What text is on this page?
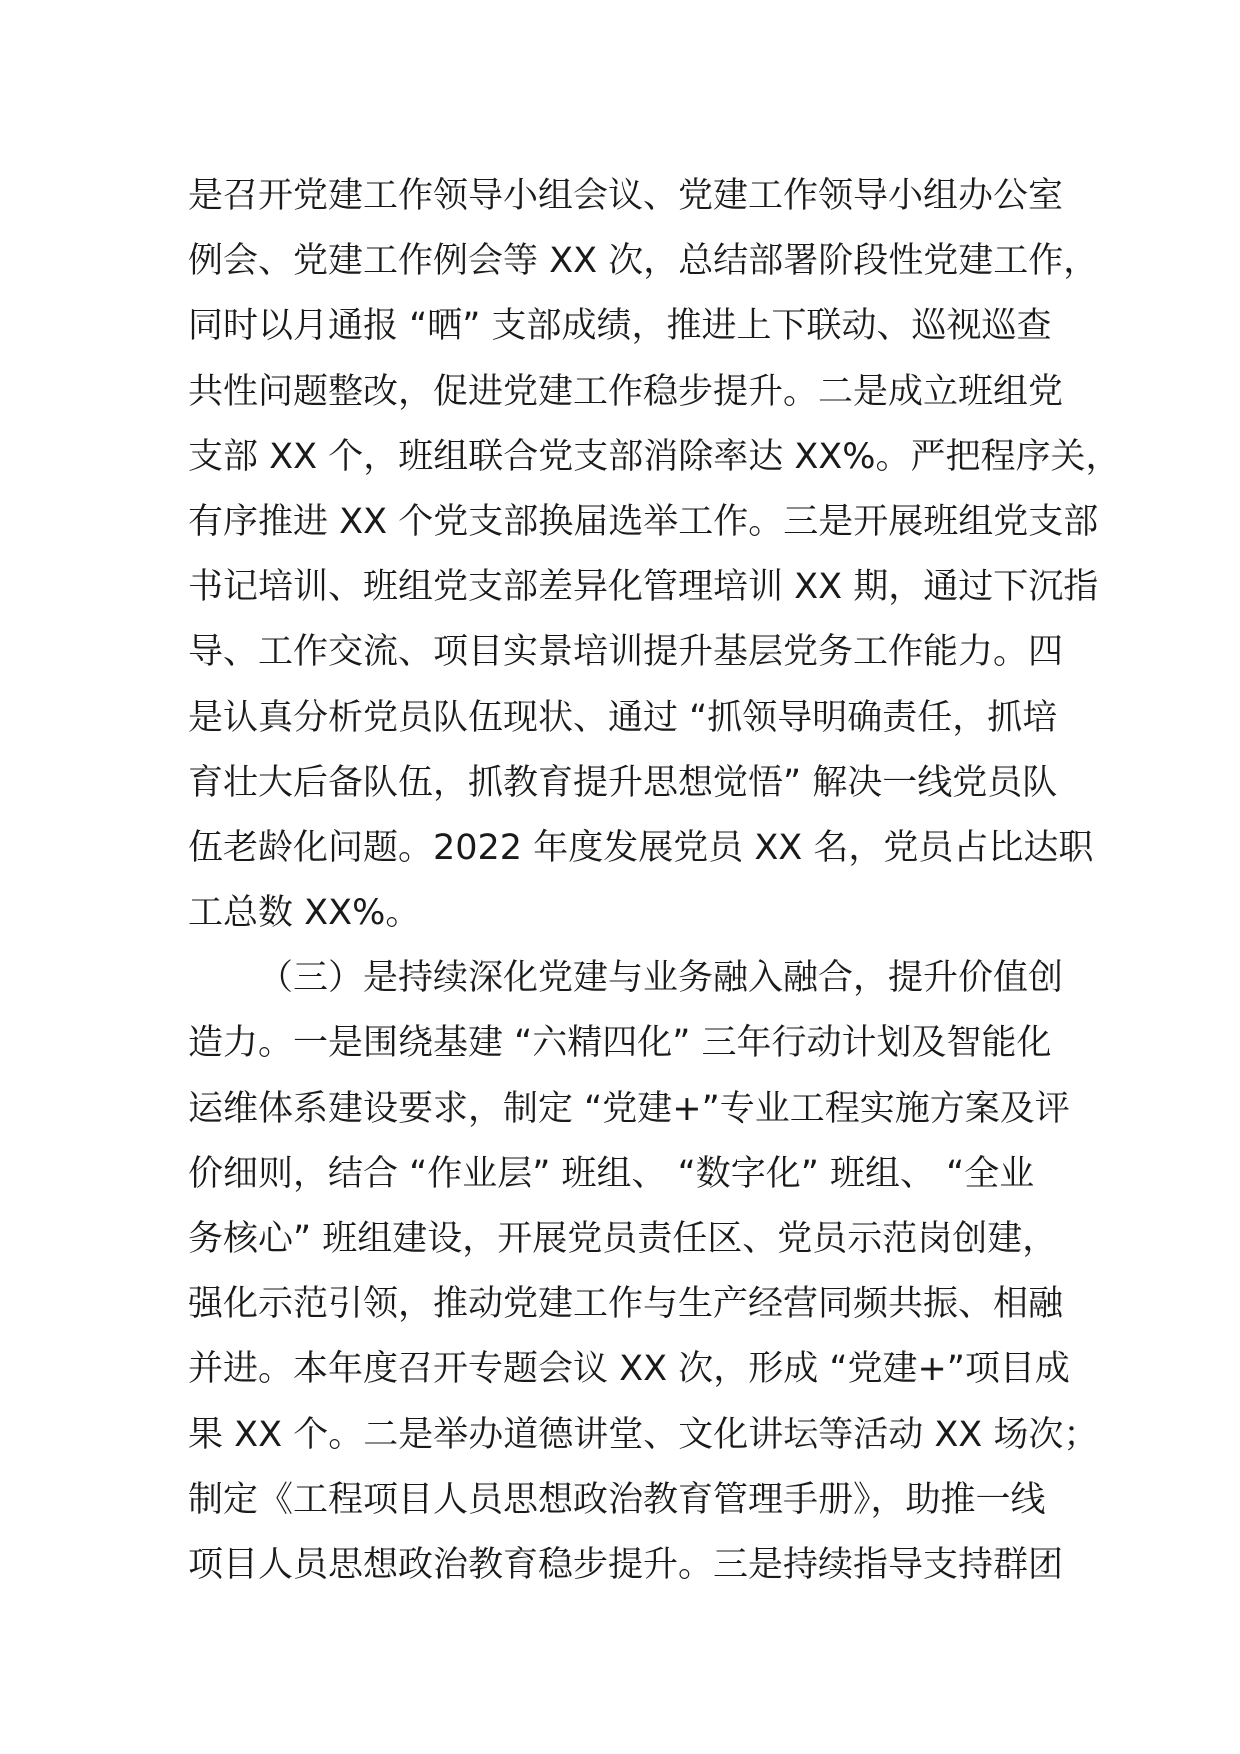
是召开党建工作领导小组会议、党建工作领导小组办公室
例会、党建工作例会等 XX 次，总结部署阶段性党建工作，
同时以月通报 “晒” 支部成绩，推进上下联动、巡视巡查
共性问题整改，促进党建工作稳步提升。二是成立班组党
支部 XX 个，班组联合党支部消除率达 XX%。严把程序关，
有序推进 XX 个党支部换届选举工作。三是开展班组党支部
书记培训、班组党支部差异化管理培训 XX 期，通过下沉指
导、工作交流、项目实景培训提升基层党务工作能力。四
是认真分析党员队伍现状、通过 “抓领导明确责任，抓培
育壮大后备队伍，抓教育提升思想觉悟” 解决一线党员队
伍老龄化问题。2022 年度发展党员 XX 名，党员占比达职
工总数 XX%。
（三）是持续深化党建与业务融入融合，提升价值创
造力。一是围绕基建 “六精四化” 三年行动计划及智能化
运维体系建设要求，制定 “党建+”专业工程实施方案及评
价细则，结合 “作业层” 班组、 “数字化” 班组、 “全业
务核心” 班组建设，开展党员责任区、党员示范岗创建，
强化示范引领，推动党建工作与生产经营同频共振、相融
并进。本年度召开专题会议 XX 次，形成 “党建+”项目成
果 XX 个。二是举办道德讲堂、文化讲坛等活动 XX 场次；
制定《工程项目人员思想政治教育管理手册》，助推一线
项目人员思想政治教育稳步提升。三是持续指导支持群团
